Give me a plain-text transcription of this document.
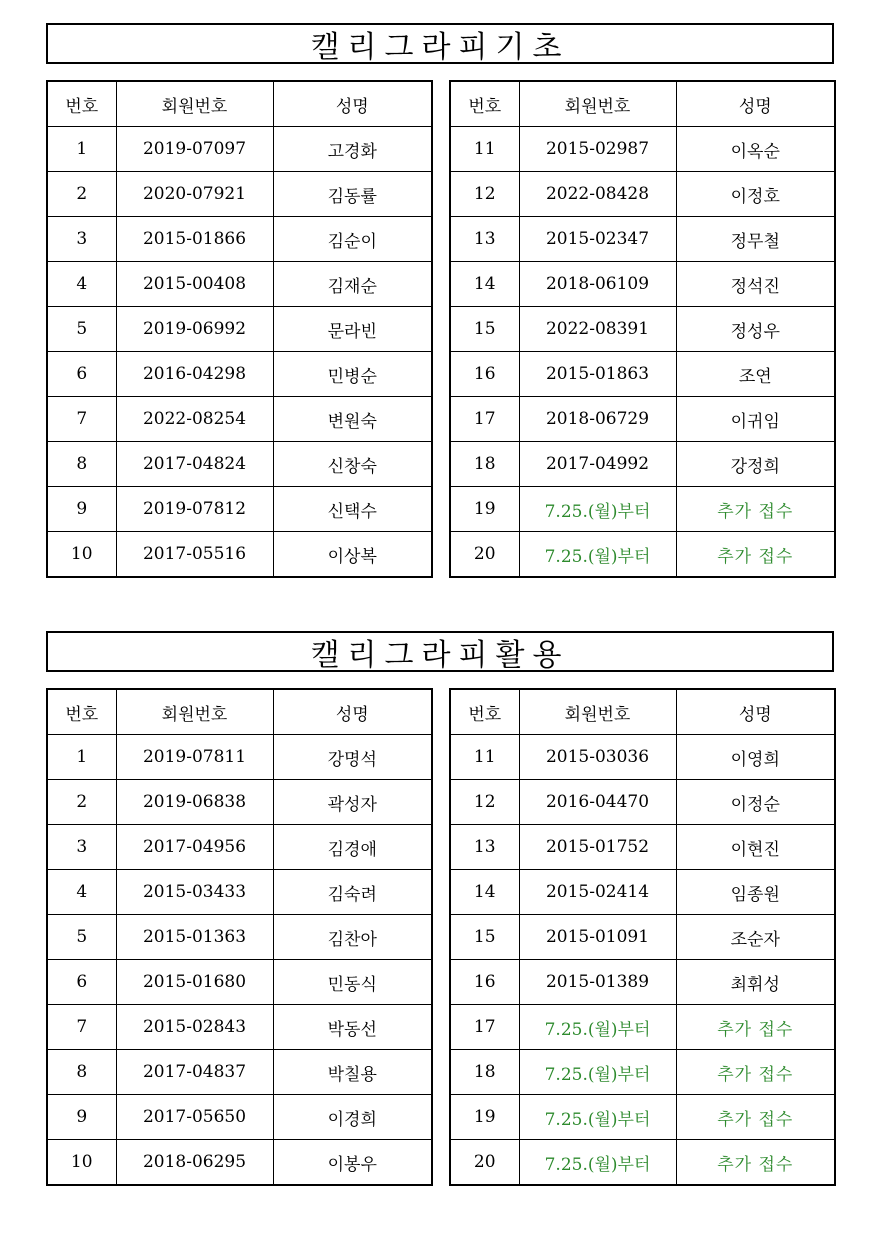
캘리그라피기초
번호	회원번호	성명
1	2019-07097	고경화
2	2020-07921	김동률
3	2015-01866	김순이
4	2015-00408	김재순
5	2019-06992	문라빈
6	2016-04298	민병순
7	2022-08254	변원숙
8	2017-04824	신창숙
9	2019-07812	신택수
10	2017-05516	이상복
번호	회원번호	성명
11	2015-02987	이옥순
12	2022-08428	이정호
13	2015-02347	정무철
14	2018-06109	정석진
15	2022-08391	정성우
16	2015-01863	조연
17	2018-06729	이귀임
18	2017-04992	강정희
19	7.25.(월)부터	추가 접수
20	7.25.(월)부터	추가 접수
캘리그라피활용
번호	회원번호	성명
1	2019-07811	강명석
2	2019-06838	곽성자
3	2017-04956	김경애
4	2015-03433	김숙려
5	2015-01363	김찬아
6	2015-01680	민동식
7	2015-02843	박동선
8	2017-04837	박칠용
9	2017-05650	이경희
10	2018-06295	이봉우
번호	회원번호	성명
11	2015-03036	이영희
12	2016-04470	이정순
13	2015-01752	이현진
14	2015-02414	임종원
15	2015-01091	조순자
16	2015-01389	최휘성
17	7.25.(월)부터	추가 접수
18	7.25.(월)부터	추가 접수
19	7.25.(월)부터	추가 접수
20	7.25.(월)부터	추가 접수
